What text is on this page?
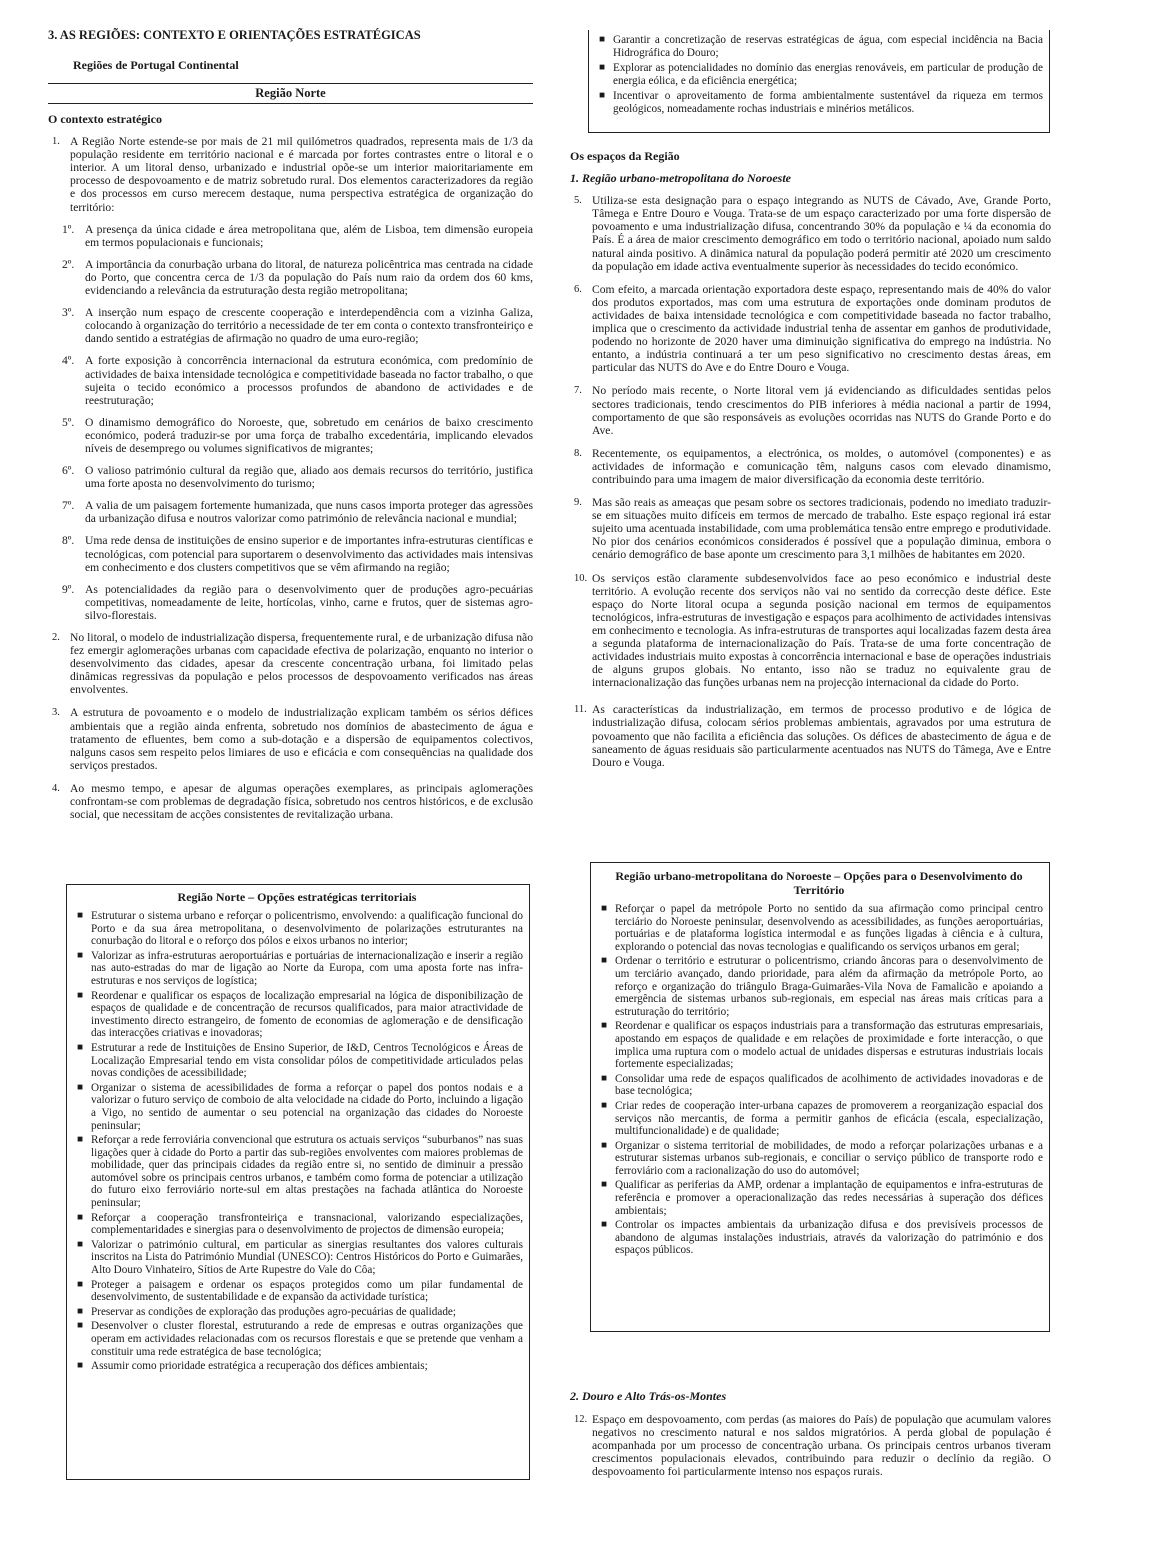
3. AS REGIÕES: CONTEXTO E ORIENTAÇÕES ESTRATÉGICAS
Regiões de Portugal Continental
Região Norte
O contexto estratégico
1. A Região Norte estende-se por mais de 21 mil quilómetros quadrados, representa mais de 1/3 da população residente em território nacional e é marcada por fortes contrastes entre o litoral e o interior. A um litoral denso, urbanizado e industrial opõe-se um interior maioritariamente em processo de despovoamento e de matriz sobretudo rural. Dos elementos caracterizadores da região e dos processos em curso merecem destaque, numa perspectiva estratégica de organização do território:
1º. A presença da única cidade e área metropolitana que, além de Lisboa, tem dimensão europeia em termos populacionais e funcionais;
2º. A importância da conurbação urbana do litoral, de natureza policêntrica mas centrada na cidade do Porto, que concentra cerca de 1/3 da população do País num raio da ordem dos 60 kms, evidenciando a relevância da estruturação desta região metropolitana;
3º. A inserção num espaço de crescente cooperação e interdependência com a vizinha Galiza, colocando à organização do território a necessidade de ter em conta o contexto transfronteiriço e dando sentido a estratégias de afirmação no quadro de uma euro-região;
4º. A forte exposição à concorrência internacional da estrutura económica, com predomínio de actividades de baixa intensidade tecnológica e competitividade baseada no factor trabalho, o que sujeita o tecido económico a processos profundos de abandono de actividades e de reestruturação;
5º. O dinamismo demográfico do Noroeste, que, sobretudo em cenários de baixo crescimento económico, poderá traduzir-se por uma força de trabalho excedentária, implicando elevados níveis de desemprego ou volumes significativos de migrantes;
6º. O valioso património cultural da região que, aliado aos demais recursos do território, justifica uma forte aposta no desenvolvimento do turismo;
7º. A valia de um paisagem fortemente humanizada, que nuns casos importa proteger das agressões da urbanização difusa e noutros valorizar como património de relevância nacional e mundial;
8º. Uma rede densa de instituições de ensino superior e de importantes infra-estruturas científicas e tecnológicas, com potencial para suportarem o desenvolvimento das actividades mais intensivas em conhecimento e dos clusters competitivos que se vêm afirmando na região;
9º. As potencialidades da região para o desenvolvimento quer de produções agro-pecuárias competitivas, nomeadamente de leite, hortícolas, vinho, carne e frutos, quer de sistemas agro-silvo-florestais.
2. No litoral, o modelo de industrialização dispersa, frequentemente rural, e de urbanização difusa não fez emergir aglomerações urbanas com capacidade efectiva de polarização, enquanto no interior o desenvolvimento das cidades, apesar da crescente concentração urbana, foi limitado pelas dinâmicas regressivas da população e pelos processos de despovoamento verificados nas áreas envolventes.
3. A estrutura de povoamento e o modelo de industrialização explicam também os sérios défices ambientais que a região ainda enfrenta, sobretudo nos domínios de abastecimento de água e tratamento de efluentes, bem como a sub-dotação e a dispersão de equipamentos colectivos, nalguns casos sem respeito pelos limiares de uso e eficácia e com consequências na qualidade dos serviços prestados.
4. Ao mesmo tempo, e apesar de algumas operações exemplares, as principais aglomerações confrontam-se com problemas de degradação física, sobretudo nos centros históricos, e de exclusão social, que necessitam de acções consistentes de revitalização urbana.
Região Norte – Opções estratégicas territoriais
■ Estruturar o sistema urbano e reforçar o policentrismo, envolvendo: a qualificação funcional do Porto e da sua área metropolitana, o desenvolvimento de polarizações estruturantes na conurbação do litoral e o reforço dos pólos e eixos urbanos no interior;
■ Valorizar as infra-estruturas aeroportuárias e portuárias de internacionalização e inserir a região nas auto-estradas do mar de ligação ao Norte da Europa, com uma aposta forte nas infra-estruturas e nos serviços de logística;
■ Reordenar e qualificar os espaços de localização empresarial na lógica de disponibilização de espaços de qualidade e de concentração de recursos qualificados, para maior atractividade de investimento directo estrangeiro, de fomento de economias de aglomeração e de densificação das interacções criativas e inovadoras;
■ Estruturar a rede de Instituições de Ensino Superior, de I&D, Centros Tecnológicos e Áreas de Localização Empresarial tendo em vista consolidar pólos de competitividade articulados pelas novas condições de acessibilidade;
■ Organizar o sistema de acessibilidades de forma a reforçar o papel dos pontos nodais e a valorizar o futuro serviço de comboio de alta velocidade na cidade do Porto, incluindo a ligação a Vigo, no sentido de aumentar o seu potencial na organização das cidades do Noroeste peninsular;
■ Reforçar a rede ferroviária convencional que estrutura os actuais serviços “suburbanos” nas suas ligações quer à cidade do Porto a partir das sub-regiões envolventes com maiores problemas de mobilidade, quer das principais cidades da região entre si, no sentido de diminuir a pressão automóvel sobre os principais centros urbanos, e também como forma de potenciar a utilização do futuro eixo ferroviário norte-sul em altas prestações na fachada atlântica do Noroeste peninsular;
■ Reforçar a cooperação transfronteiriça e transnacional, valorizando especializações, complementaridades e sinergias para o desenvolvimento de projectos de dimensão europeia;
■ Valorizar o património cultural, em particular as sinergias resultantes dos valores culturais inscritos na Lista do Património Mundial (UNESCO): Centros Históricos do Porto e Guimarães, Alto Douro Vinhateiro, Sítios de Arte Rupestre do Vale do Côa;
■ Proteger a paisagem e ordenar os espaços protegidos como um pilar fundamental de desenvolvimento, de sustentabilidade e de expansão da actividade turística;
■ Preservar as condições de exploração das produções agro-pecuárias de qualidade;
■ Desenvolver o cluster florestal, estruturando a rede de empresas e outras organizações que operam em actividades relacionadas com os recursos florestais e que se pretende que venham a constituir uma rede estratégica de base tecnológica;
■ Assumir como prioridade estratégica a recuperação dos défices ambientais;
■ Garantir a concretização de reservas estratégicas de água, com especial incidência na Bacia Hidrográfica do Douro;
■ Explorar as potencialidades no domínio das energias renováveis, em particular de produção de energia eólica, e da eficiência energética;
■ Incentivar o aproveitamento de forma ambientalmente sustentável da riqueza em termos geológicos, nomeadamente rochas industriais e minérios metálicos.
Os espaços da Região
1. Região urbano-metropolitana do Noroeste
5. Utiliza-se esta designação para o espaço integrando as NUTS de Cávado, Ave, Grande Porto, Tâmega e Entre Douro e Vouga. Trata-se de um espaço caracterizado por uma forte dispersão de povoamento e uma industrialização difusa, concentrando 30% da população e ¼ da economia do País. É a área de maior crescimento demográfico em todo o território nacional, apoiado num saldo natural ainda positivo. A dinâmica natural da população poderá permitir até 2020 um crescimento da população em idade activa eventualmente superior às necessidades do tecido económico.
6. Com efeito, a marcada orientação exportadora deste espaço, representando mais de 40% do valor dos produtos exportados, mas com uma estrutura de exportações onde dominam produtos de actividades de baixa intensidade tecnológica e com competitividade baseada no factor trabalho, implica que o crescimento da actividade industrial tenha de assentar em ganhos de produtividade, podendo no horizonte de 2020 haver uma diminuição significativa do emprego na indústria. No entanto, a indústria continuará a ter um peso significativo no crescimento destas áreas, em particular das NUTS do Ave e do Entre Douro e Vouga.
7. No período mais recente, o Norte litoral vem já evidenciando as dificuldades sentidas pelos sectores tradicionais, tendo crescimentos do PIB inferiores à média nacional a partir de 1994, comportamento de que são responsáveis as evoluções ocorridas nas NUTS do Grande Porto e do Ave.
8. Recentemente, os equipamentos, a electrónica, os moldes, o automóvel (componentes) e as actividades de informação e comunicação têm, nalguns casos com elevado dinamismo, contribuindo para uma imagem de maior diversificação da economia deste território.
9. Mas são reais as ameaças que pesam sobre os sectores tradicionais, podendo no imediato traduzir-se em situações muito difíceis em termos de mercado de trabalho. Este espaço regional irá estar sujeito uma acentuada instabilidade, com uma problemática tensão entre emprego e produtividade. No pior dos cenários económicos considerados é possível que a população diminua, embora o cenário demográfico de base aponte um crescimento para 3,1 milhões de habitantes em 2020.
10. Os serviços estão claramente subdesenvolvidos face ao peso económico e industrial deste território. A evolução recente dos serviços não vai no sentido da correcção deste défice. Este espaço do Norte litoral ocupa a segunda posição nacional em termos de equipamentos tecnológicos, infra-estruturas de investigação e espaços para acolhimento de actividades intensivas em conhecimento e tecnologia. As infra-estruturas de transportes aqui localizadas fazem desta área a segunda plataforma de internacionalização do País. Trata-se de uma forte concentração de actividades industriais muito expostas à concorrência internacional e base de operações industriais de alguns grupos globais. No entanto, isso não se traduz no equivalente grau de internacionalização das funções urbanas nem na projecção internacional da cidade do Porto.
11. As características da industrialização, em termos de processo produtivo e de lógica de industrialização difusa, colocam sérios problemas ambientais, agravados por uma estrutura de povoamento que não facilita a eficiência das soluções. Os défices de abastecimento de água e de saneamento de águas residuais são particularmente acentuados nas NUTS do Tâmega, Ave e Entre Douro e Vouga.
Região urbano-metropolitana do Noroeste – Opções para o Desenvolvimento do Território
■ Reforçar o papel da metrópole Porto no sentido da sua afirmação como principal centro terciário do Noroeste peninsular, desenvolvendo as acessibilidades, as funções aeroportuárias, portuárias e de plataforma logística intermodal e as funções ligadas à ciência e à cultura, explorando o potencial das novas tecnologias e qualificando os serviços urbanos em geral;
■ Ordenar o território e estruturar o policentrismo, criando âncoras para o desenvolvimento de um terciário avançado, dando prioridade, para além da afirmação da metrópole Porto, ao reforço e organização do triângulo Braga-Guimarães-Vila Nova de Famalicão e apoiando a emergência de sistemas urbanos sub-regionais, em especial nas áreas mais críticas para a estruturação do território;
■ Reordenar e qualificar os espaços industriais para a transformação das estruturas empresariais, apostando em espaços de qualidade e em relações de proximidade e forte interacção, o que implica uma ruptura com o modelo actual de unidades dispersas e estruturas industriais locais fortemente especializadas;
■ Consolidar uma rede de espaços qualificados de acolhimento de actividades inovadoras e de base tecnológica;
■ Criar redes de cooperação inter-urbana capazes de promoverem a reorganização espacial dos serviços não mercantis, de forma a permitir ganhos de eficácia (escala, especialização, multifuncionalidade) e de qualidade;
■ Organizar o sistema territorial de mobilidades, de modo a reforçar polarizações urbanas e a estruturar sistemas urbanos sub-regionais, e conciliar o serviço público de transporte rodo e ferroviário com a racionalização do uso do automóvel;
■ Qualificar as periferias da AMP, ordenar a implantação de equipamentos e infra-estruturas de referência e promover a operacionalização das redes necessárias à superação dos défices ambientais;
■ Controlar os impactes ambientais da urbanização difusa e dos previsíveis processos de abandono de algumas instalações industriais, através da valorização do património e dos espaços públicos.
2. Douro e Alto Trás-os-Montes
12. Espaço em despovoamento, com perdas (as maiores do País) de população que acumulam valores negativos no crescimento natural e nos saldos migratórios. A perda global de população é acompanhada por um processo de concentração urbana. Os principais centros urbanos tiveram crescimentos populacionais elevados, contribuindo para reduzir o declínio da região. O despovoamento foi particularmente intenso nos espaços rurais.
